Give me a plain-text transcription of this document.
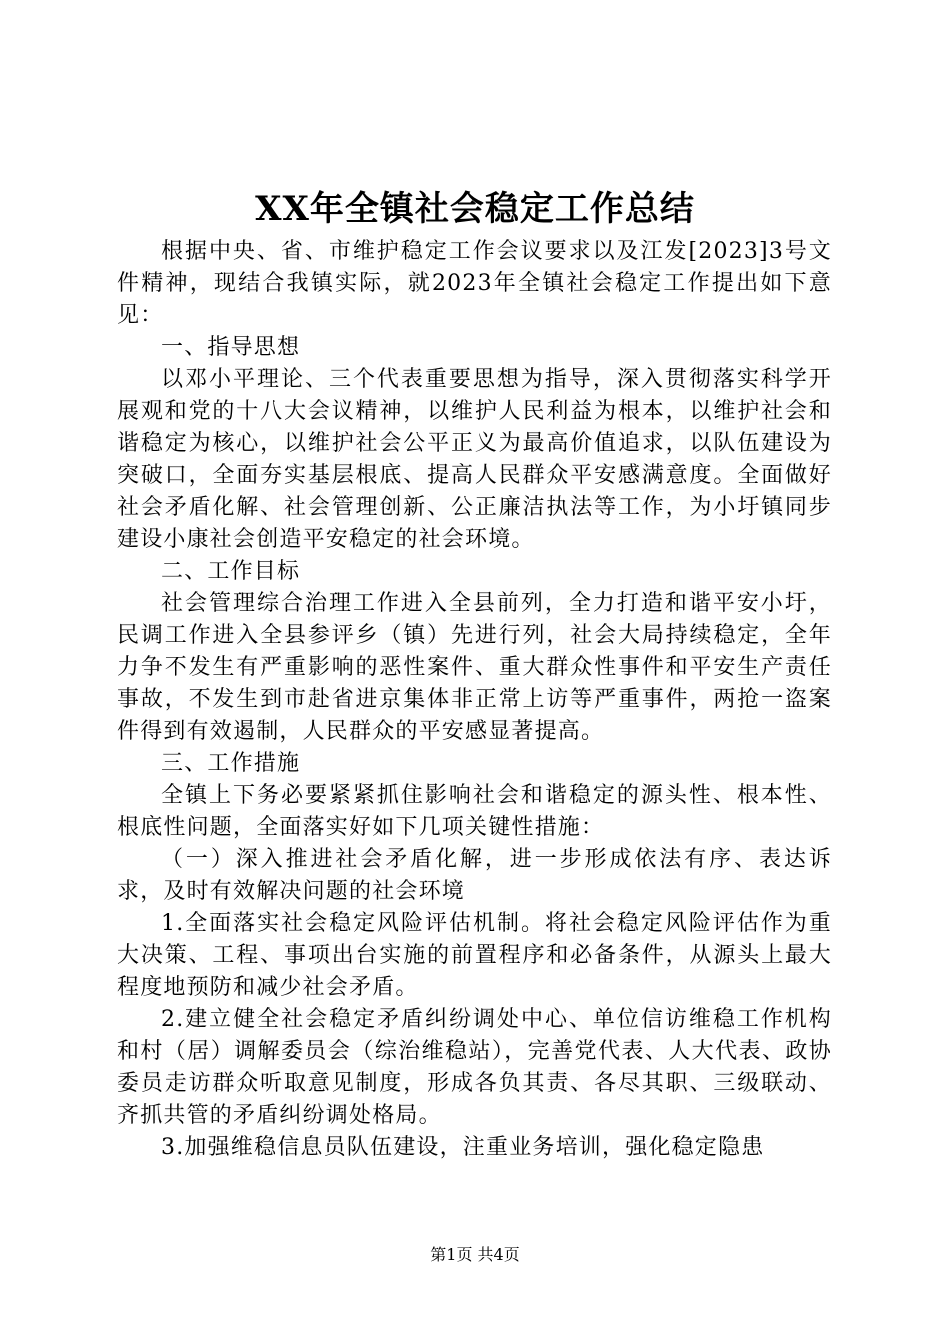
XX年全镇社会稳定工作总结

根据中央、省、市维护稳定工作会议要求以及江发[2023]3号文件精神，现结合我镇实际，就2023年全镇社会稳定工作提出如下意见：

一、指导思想

以邓小平理论、三个代表重要思想为指导，深入贯彻落实科学开展观和党的十八大会议精神，以维护人民利益为根本，以维护社会和谐稳定为核心，以维护社会公平正义为最高价值追求，以队伍建设为突破口，全面夯实基层根底、提高人民群众平安感满意度。全面做好社会矛盾化解、社会管理创新、公正廉洁执法等工作，为小圩镇同步建设小康社会创造平安稳定的社会环境。

二、工作目标

社会管理综合治理工作进入全县前列，全力打造和谐平安小圩，民调工作进入全县参评乡（镇）先进行列，社会大局持续稳定，全年力争不发生有严重影响的恶性案件、重大群众性事件和平安生产责任事故，不发生到市赴省进京集体非正常上访等严重事件，两抢一盗案件得到有效遏制，人民群众的平安感显著提高。

三、工作措施

全镇上下务必要紧紧抓住影响社会和谐稳定的源头性、根本性、根底性问题，全面落实好如下几项关键性措施：

（一）深入推进社会矛盾化解，进一步形成依法有序、表达诉求，及时有效解决问题的社会环境

1.全面落实社会稳定风险评估机制。将社会稳定风险评估作为重大决策、工程、事项出台实施的前置程序和必备条件，从源头上最大程度地预防和减少社会矛盾。

2.建立健全社会稳定矛盾纠纷调处中心、单位信访维稳工作机构和村（居）调解委员会（综治维稳站），完善党代表、人大代表、政协委员走访群众听取意见制度，形成各负其责、各尽其职、三级联动、齐抓共管的矛盾纠纷调处格局。

3.加强维稳信息员队伍建设，注重业务培训，强化稳定隐患

第1页 共4页
